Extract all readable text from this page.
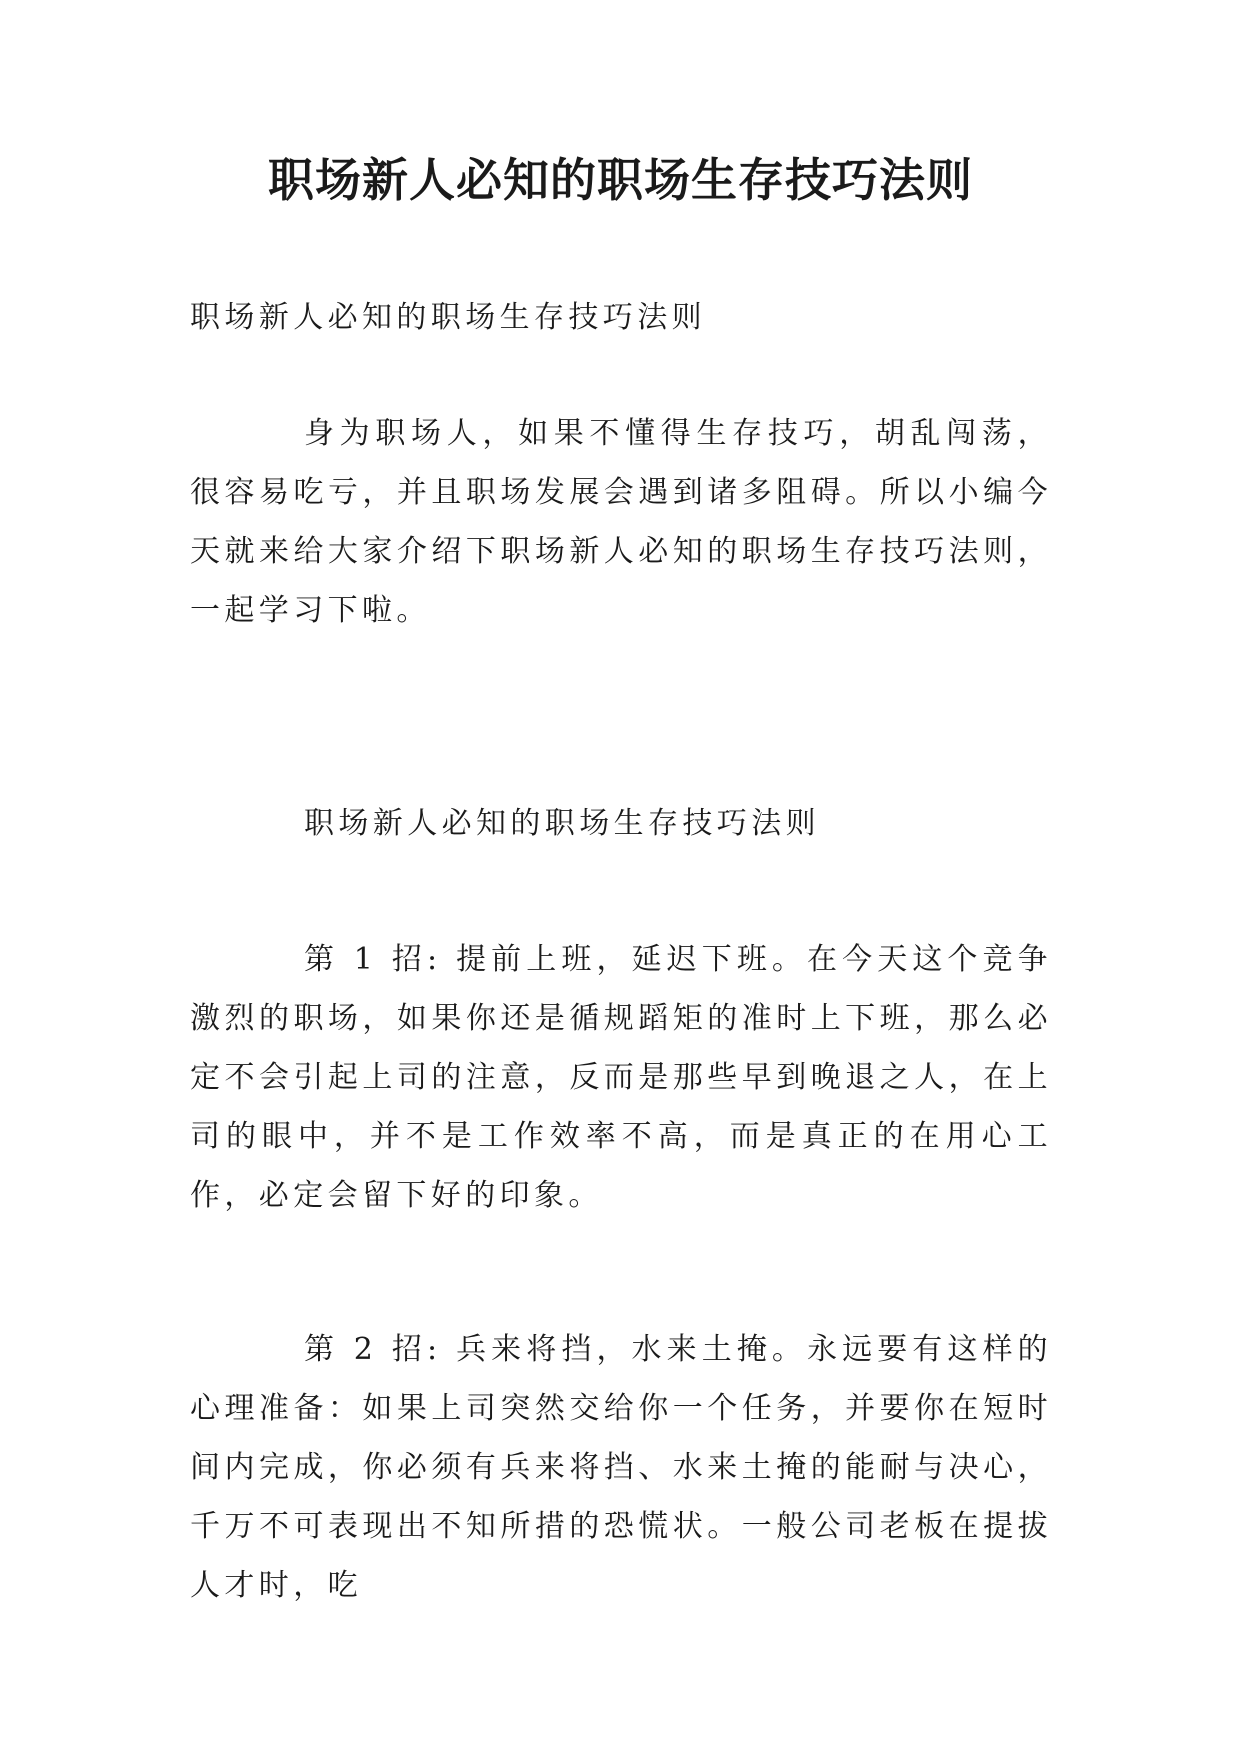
职场新人必知的职场生存技巧法则

职场新人必知的职场生存技巧法则

身为职场人，如果不懂得生存技巧，胡乱闯荡，很容易吃亏，并且职场发展会遇到诸多阻碍。所以小编今天就来给大家介绍下职场新人必知的职场生存技巧法则，一起学习下啦。

职场新人必知的职场生存技巧法则

第 1 招: 提前上班，延迟下班。在今天这个竞争激烈的职场，如果你还是循规蹈矩的准时上下班，那么必定不会引起上司的注意，反而是那些早到晚退之人，在上司的眼中，并不是工作效率不高，而是真正的在用心工作，必定会留下好的印象。

第 2 招: 兵来将挡，水来土掩。永远要有这样的心理准备：如果上司突然交给你一个任务，并要你在短时间内完成，你必须有兵来将挡、水来土掩的能耐与决心，千万不可表现出不知所措的恐慌状。一般公司老板在提拔人才时，吃
